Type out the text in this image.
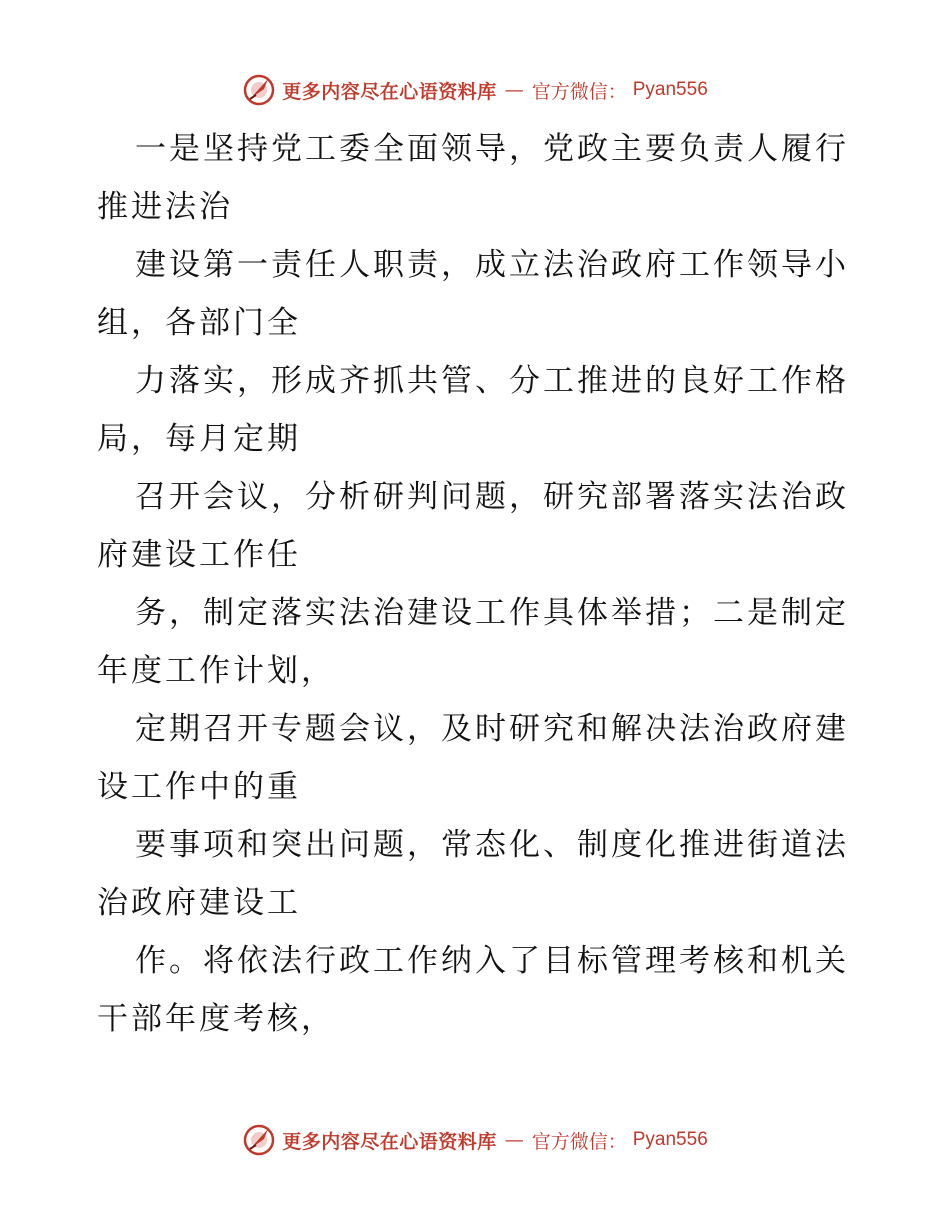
更多内容尽在心语资料库 — 官方微信： Pyan556
一是坚持党工委全面领导，党政主要负责人履行
推进法治
建设第一责任人职责，成立法治政府工作领导小
组，各部门全
力落实，形成齐抓共管、分工推进的良好工作格
局，每月定期
召开会议，分析研判问题，研究部署落实法治政
府建设工作任
务，制定落实法治建设工作具体举措；二是制定
年度工作计划，
定期召开专题会议，及时研究和解决法治政府建
设工作中的重
要事项和突出问题，常态化、制度化推进街道法
治政府建设工
作。将依法行政工作纳入了目标管理考核和机关
干部年度考核，
更多内容尽在心语资料库 — 官方微信： Pyan556
